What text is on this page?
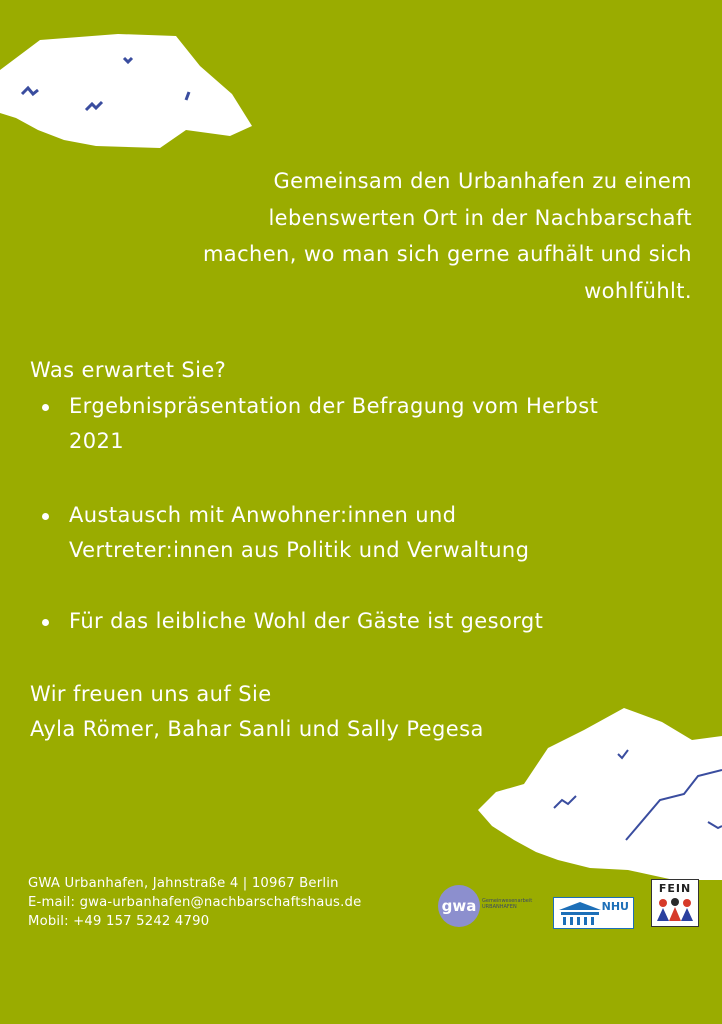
Gemeinsam den Urbanhafen zu einem
lebenswerten Ort in der Nachbarschaft
machen, wo man sich gerne aufhält und sich
wohlfühlt.
Was erwartet Sie?
Ergebnispräsentation der Befragung vom Herbst
2021
Austausch mit Anwohner:innen und
Vertreter:innen aus Politik und Verwaltung
Für das leibliche Wohl der Gäste ist gesorgt
Wir freuen uns auf Sie
Ayla Römer, Bahar Sanli und Sally Pegesa
GWA Urbanhafen, Jahnstraße 4 | 10967 Berlin
E-mail: gwa-urbanhafen@nachbarschaftshaus.de
Mobil: +49 157 5242 4790
gwa	Gemeinwesenarbeit URBANHAFEN	NHU
FEIN
